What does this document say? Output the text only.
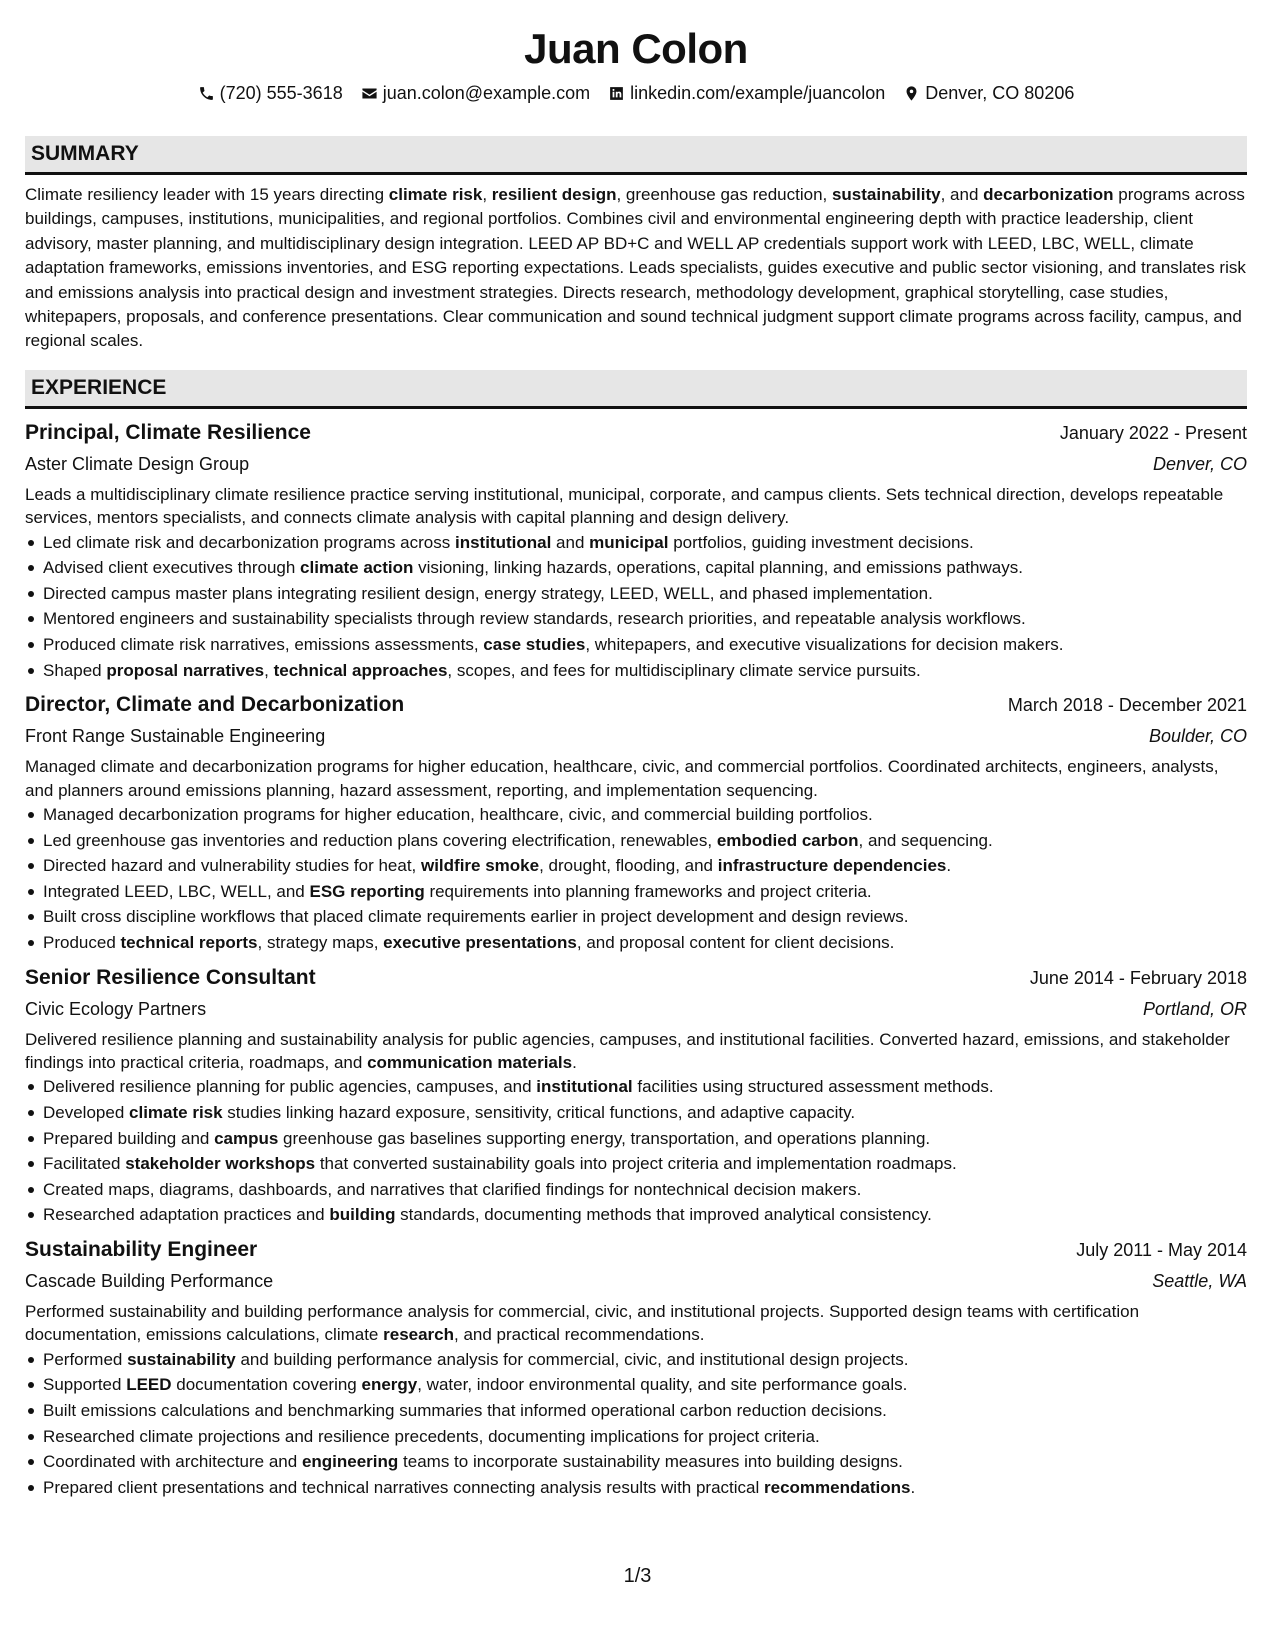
Juan Colon
(720) 555-3618 juan.colon@example.com linkedin.com/example/juancolon Denver, CO 80206
SUMMARY

Climate resiliency leader with 15 years directing climate risk, resilient design, greenhouse gas reduction, sustainability, and decarbonization programs across buildings, campuses, institutions, municipalities, and regional portfolios. Combines civil and environmental engineering depth with practice leadership, client advisory, master planning, and multidisciplinary design integration. LEED AP BD+C and WELL AP credentials support work with LEED, LBC, WELL, climate adaptation frameworks, emissions inventories, and ESG reporting expectations. Leads specialists, guides executive and public sector visioning, and translates risk and emissions analysis into practical design and investment strategies. Directs research, methodology development, graphical storytelling, case studies, whitepapers, proposals, and conference presentations. Clear communication and sound technical judgment support climate programs across facility, campus, and regional scales.

EXPERIENCE
Principal, Climate Resilience	January 2022 - Present
Aster Climate Design Group	Denver, CO

Leads a multidisciplinary climate resilience practice serving institutional, municipal, corporate, and campus clients. Sets technical direction, develops repeatable services, mentors specialists, and connects climate analysis with capital planning and design delivery.

Led climate risk and decarbonization programs across institutional and municipal portfolios, guiding investment decisions.
Advised client executives through climate action visioning, linking hazards, operations, capital planning, and emissions pathways.
Directed campus master plans integrating resilient design, energy strategy, LEED, WELL, and phased implementation.
Mentored engineers and sustainability specialists through review standards, research priorities, and repeatable analysis workflows.
Produced climate risk narratives, emissions assessments, case studies, whitepapers, and executive visualizations for decision makers.
Shaped proposal narratives, technical approaches, scopes, and fees for multidisciplinary climate service pursuits.
Director, Climate and Decarbonization	March 2018 - December 2021
Front Range Sustainable Engineering	Boulder, CO

Managed climate and decarbonization programs for higher education, healthcare, civic, and commercial portfolios. Coordinated architects, engineers, analysts, and planners around emissions planning, hazard assessment, reporting, and implementation sequencing.

Managed decarbonization programs for higher education, healthcare, civic, and commercial building portfolios.
Led greenhouse gas inventories and reduction plans covering electrification, renewables, embodied carbon, and sequencing.
Directed hazard and vulnerability studies for heat, wildfire smoke, drought, flooding, and infrastructure dependencies.
Integrated LEED, LBC, WELL, and ESG reporting requirements into planning frameworks and project criteria.
Built cross discipline workflows that placed climate requirements earlier in project development and design reviews.
Produced technical reports, strategy maps, executive presentations, and proposal content for client decisions.
Senior Resilience Consultant	June 2014 - February 2018
Civic Ecology Partners	Portland, OR

Delivered resilience planning and sustainability analysis for public agencies, campuses, and institutional facilities. Converted hazard, emissions, and stakeholder findings into practical criteria, roadmaps, and communication materials.

Delivered resilience planning for public agencies, campuses, and institutional facilities using structured assessment methods.
Developed climate risk studies linking hazard exposure, sensitivity, critical functions, and adaptive capacity.
Prepared building and campus greenhouse gas baselines supporting energy, transportation, and operations planning.
Facilitated stakeholder workshops that converted sustainability goals into project criteria and implementation roadmaps.
Created maps, diagrams, dashboards, and narratives that clarified findings for nontechnical decision makers.
Researched adaptation practices and building standards, documenting methods that improved analytical consistency.
Sustainability Engineer	July 2011 - May 2014
Cascade Building Performance	Seattle, WA

Performed sustainability and building performance analysis for commercial, civic, and institutional projects. Supported design teams with certification documentation, emissions calculations, climate research, and practical recommendations.

Performed sustainability and building performance analysis for commercial, civic, and institutional design projects.
Supported LEED documentation covering energy, water, indoor environmental quality, and site performance goals.
Built emissions calculations and benchmarking summaries that informed operational carbon reduction decisions.
Researched climate projections and resilience precedents, documenting implications for project criteria.
Coordinated with architecture and engineering teams to incorporate sustainability measures into building designs.
Prepared client presentations and technical narratives connecting analysis results with practical recommendations.
1/3
